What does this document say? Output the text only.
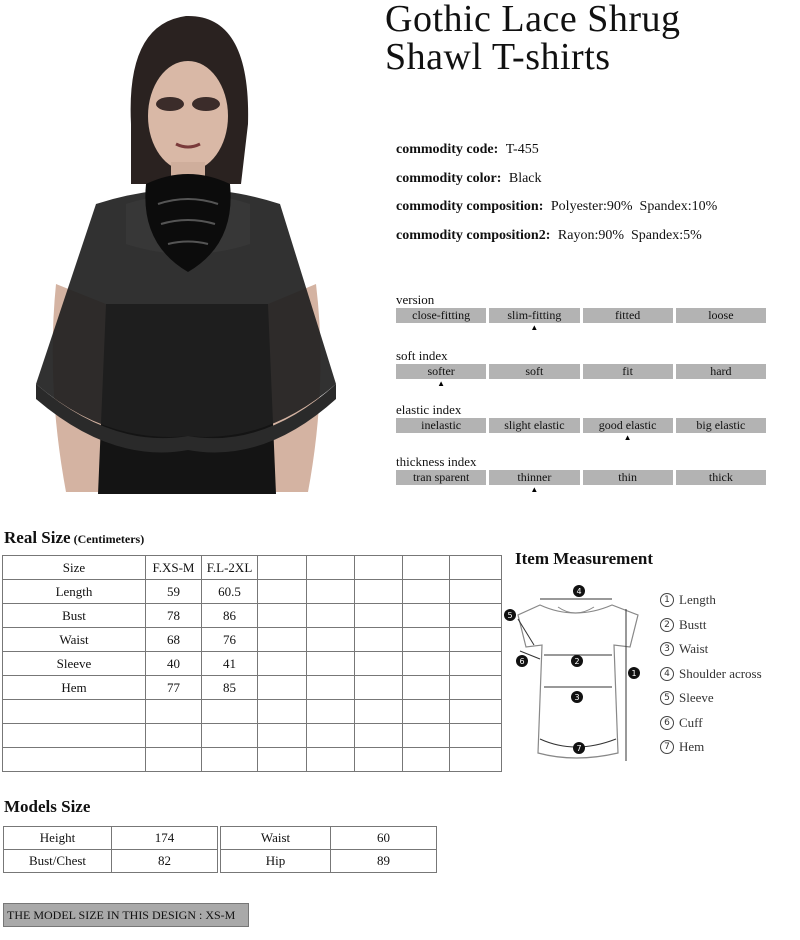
Gothic Lace Shrug
Shawl T-shirts
commodity code: T-455
commodity color: Black
commodity composition: Polyester:90%  Spandex:10%
commodity composition2: Rayon:90%  Spandex:5%
version
close-fitting	slim-fitting
▲
fitted	loose
soft index
softer
▲
soft	fit	hard
elastic index
inelastic	slight elastic	good elastic
▲
big elastic
thickness index
tran sparent	thinner
▲
thin	thick
Real Size (Centimeters)
Size	F.XS-M	F.L-2XL					
Length	59	60.5					
Bust	78	86					
Waist	68	76					
Sleeve	40	41					
Hem	77	85					

Item Measurement
1
2
3
4
5
6
7
1 Length
2 Bustt
3 Waist
4 Shoulder across
5 Sleeve
6 Cuff
7 Hem
Models Size
Height	174
Bust/Chest	82
Waist	60
Hip	89
THE MODEL SIZE IN THIS DESIGN : XS-M
